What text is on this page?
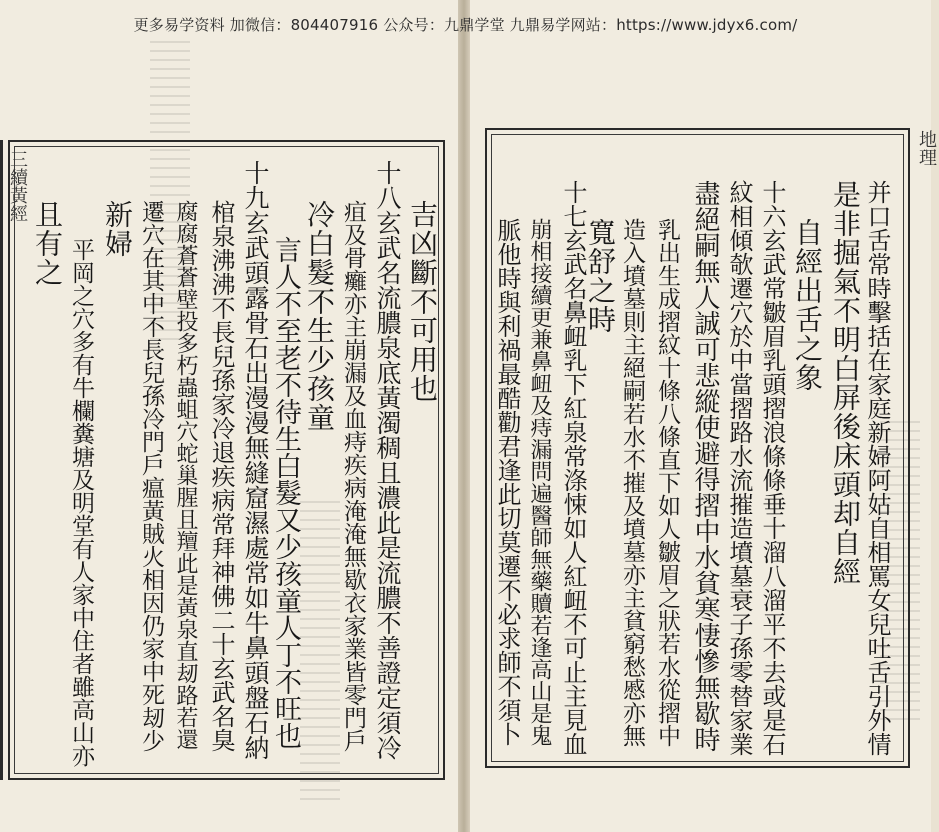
更多易学资料 加微信：804407916 公众号：九鼎学堂 九鼎易学网站：https://www.jdyx6.com/
地理
并口舌常時擊括在家庭新婦阿姑自相罵女兒吐舌引外情
是非掘氣不明白屏後床頭却自經
自經出舌之象
十六玄武常皺眉乳頭摺浪條條垂十溜八溜平不去或是石
紋相傾欹遷穴於中當摺路水流摧造墳墓衰子孫零替家業
盡絕嗣無人誠可悲縱使避得摺中水貧寒悽慘無歇時
乳出生成摺紋十條八條直下如人皺眉之狀若水從摺中
造入墳墓則主絕嗣若水不摧及墳墓亦主貧窮愁慼亦無
寬舒之時
十七玄武名鼻衄乳下紅泉常涤悚如人紅衄不可止主見血
崩相接續更兼鼻衄及痔漏問遍醫師無藥贖若逢高山是鬼
脈他時與利禍最酷勸君逢此切莫遷不必求師不須卜
三續黃經
吉凶斷不可用也
十八玄武名流膿泉底黃濁稠且濃此是流膿不善證定須冷
疽及骨癱亦主崩漏及血痔疾病淹淹無歇衣家業皆零門戶
冷白髮不生少孩童
言人不至老不待生白髮又少孩童人丁不旺也
十九玄武頭露骨石出漫漫無縫窟濕處常如牛鼻頭盤石納
棺泉沸沸不長兒孫家冷退疾病常拜神佛二十玄武名臭
腐腐蒼蒼壁投多朽蟲蛆穴蛇巢腥且羶此是黃泉直刼路若還
遷穴在其中不長兒孫冷門戶瘟黃賊火相因仍家中死刼少
新婦
平岡之穴多有牛欄糞塘及明堂有人家中住者雖高山亦
且有之
